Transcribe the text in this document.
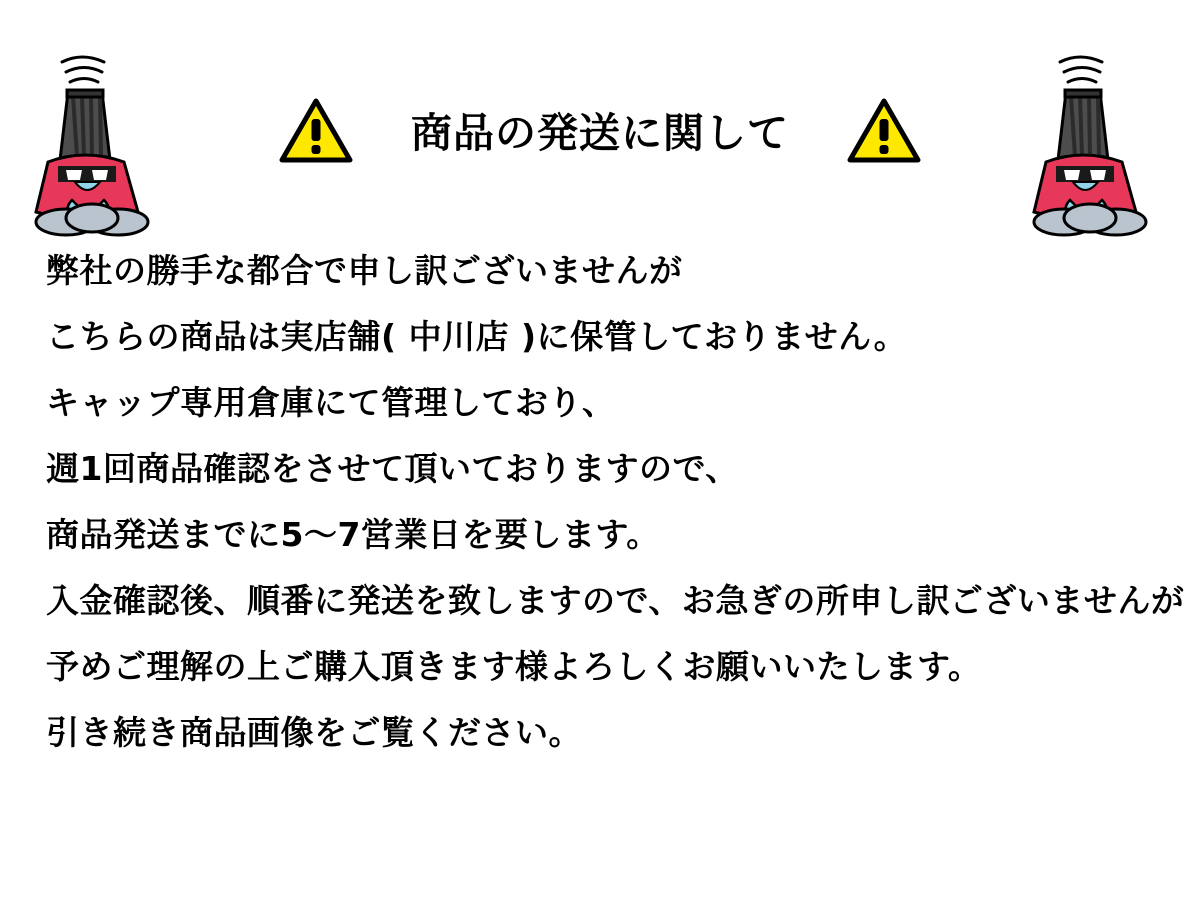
商品の発送に関して
弊社の勝手な都合で申し訳ございませんが
こちらの商品は実店舗( 中川店 )に保管しておりません。
キャップ専用倉庫にて管理しており、
週1回商品確認をさせて頂いておりますので、
商品発送までに5〜7営業日を要します。
入金確認後、順番に発送を致しますので、お急ぎの所申し訳ございませんが
予めご理解の上ご購入頂きます様よろしくお願いいたします。
引き続き商品画像をご覧ください。
